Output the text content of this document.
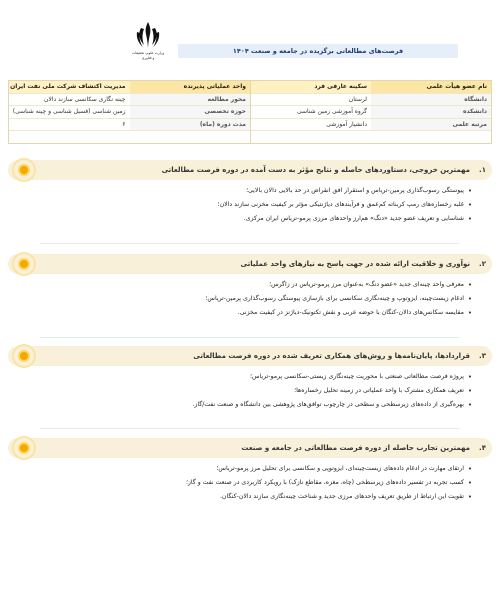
وزارت علوم، تحقیقات
و فناوری
فرصت‌های مطالعاتی برگزیده در جامعه و صنعت ۱۴۰۴
نام عضو هیأت علمی
سکینه عارفی فرد
دانشگاه
لرستان
دانشکده
گروه آموزشی زمین شناسی
مرتبه علمی
دانشیار آموزشی
واحد عملیاتی پذیرنده
مدیریت اکتشاف شرکت ملی نفت ایران
محور مطالعه
چینه نگاری سکانسی سازند دالان
حوزه تخصصی
زمین شناسی (فسیل شناسی و چینه شناسی)
مدت دوره (ماه)
۶
۱.
مهمترین خروجی، دستاوردهای حاصله و نتایج مؤثر به دست آمده در دوره فرصت مطالعاتی
• پیوستگی رسوب‌گذاری پرمین-تریاس و استقرار افق انقراض در حد بالایی دالان بالایی؛
• غلبه رخساره‌های رمپ کربناته کم‌عمق و فرآیندهای دیاژنتیکی مؤثر بر کیفیت مخزنی سازند دالان؛
• شناسایی و تعریف عضو جدید «دنگ» هم‌ارز واحدهای مرزی پرمو-تریاس ایران مرکزی.
۲.
نوآوری و خلاقیت ارائه شده در جهت پاسخ به نیازهای واحد عملیاتی
• معرفی واحد چینه‌ای جدید «عضو دنگ» به‌عنوان مرز پرمو-تریاس در زاگرس؛
• ادغام زیست‌چینه، ایزوتوپ و چینه‌نگاری سکانسی برای بازسازی پیوستگی رسوب‌گذاری پرمین-تریاس؛
• مقایسه سکانس‌های دالان-کنگان با حوضه عربی و نقش تکتونیک-دیاژنز در کیفیت مخزنی.
۳.
قراردادها، پایان‌نامه‌ها و روش‌های همکاری تعریف شده در دوره فرصت مطالعاتی
• پروژه فرصت مطالعاتی صنعتی با محوریت چینه‌نگاری زیستی-سکانسی پرمو-تریاس؛
• تعریف همکاری مشترک با واحد عملیاتی در زمینه تحلیل رخساره‌ها؛
• بهره‌گیری از داده‌های زیرسطحی و سطحی در چارچوب توافق‌های پژوهشی بین دانشگاه و صنعت نفت/گاز.
۴.
مهمترین تجارب حاصله از دوره فرصت مطالعاتی در جامعه و صنعت
• ارتقای مهارت در ادغام داده‌های زیست‌چینه‌ای، ایزوتوپی و سکانسی برای تحلیل مرز پرمو-تریاس؛
• کسب تجربه در تفسیر داده‌های زیرسطحی (چاه، مغزه، مقاطع نازک) با رویکرد کاربردی در صنعت نفت و گاز؛
• تقویت این ارتباط از طریق تعریف واحدهای مرزی جدید و شناخت چینه‌نگاری سازند دالان-کنگان.
